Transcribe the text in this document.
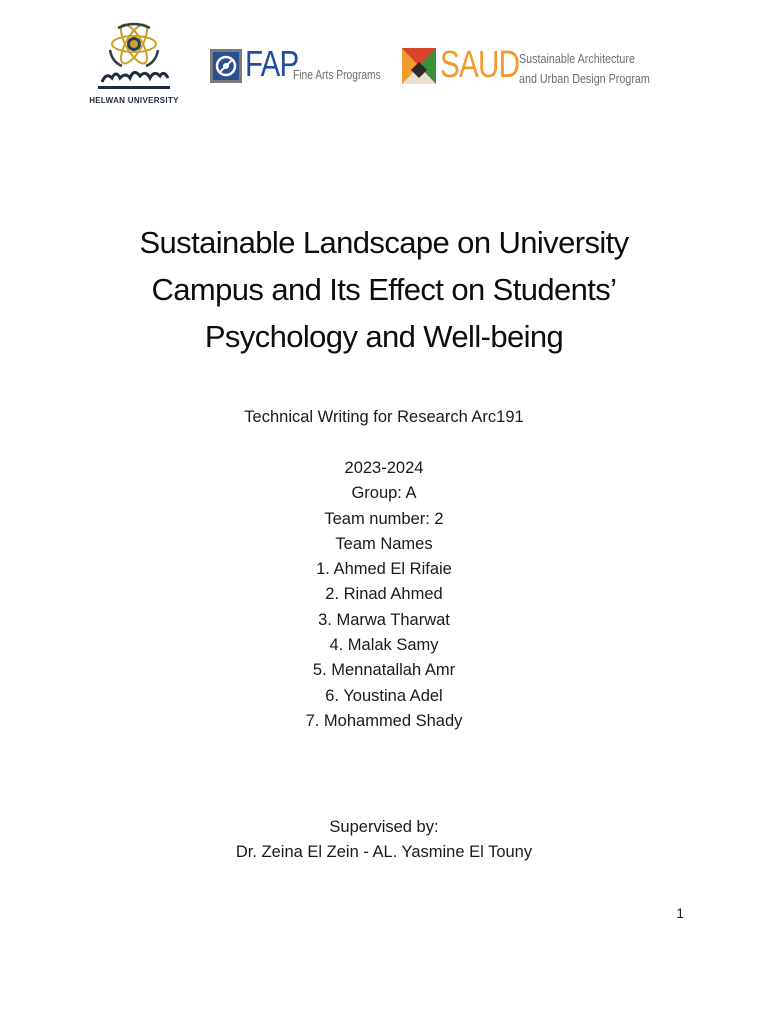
HELWAN UNIVERSITY
FAP
Fine Arts Programs SAUD Sustainable Architecture
and Urban Design Program
Sustainable Landscape on University
Campus and Its Effect on Students’
Psychology and Well-being
Technical Writing for Research Arc191
2023-2024
Group: A
Team number: 2
Team Names
1. Ahmed El Rifaie
2. Rinad Ahmed
3. Marwa Tharwat
4. Malak Samy
5. Mennatallah Amr
6. Youstina Adel
7. Mohammed Shady
Supervised by:
Dr. Zeina El Zein - AL. Yasmine El Touny
1
